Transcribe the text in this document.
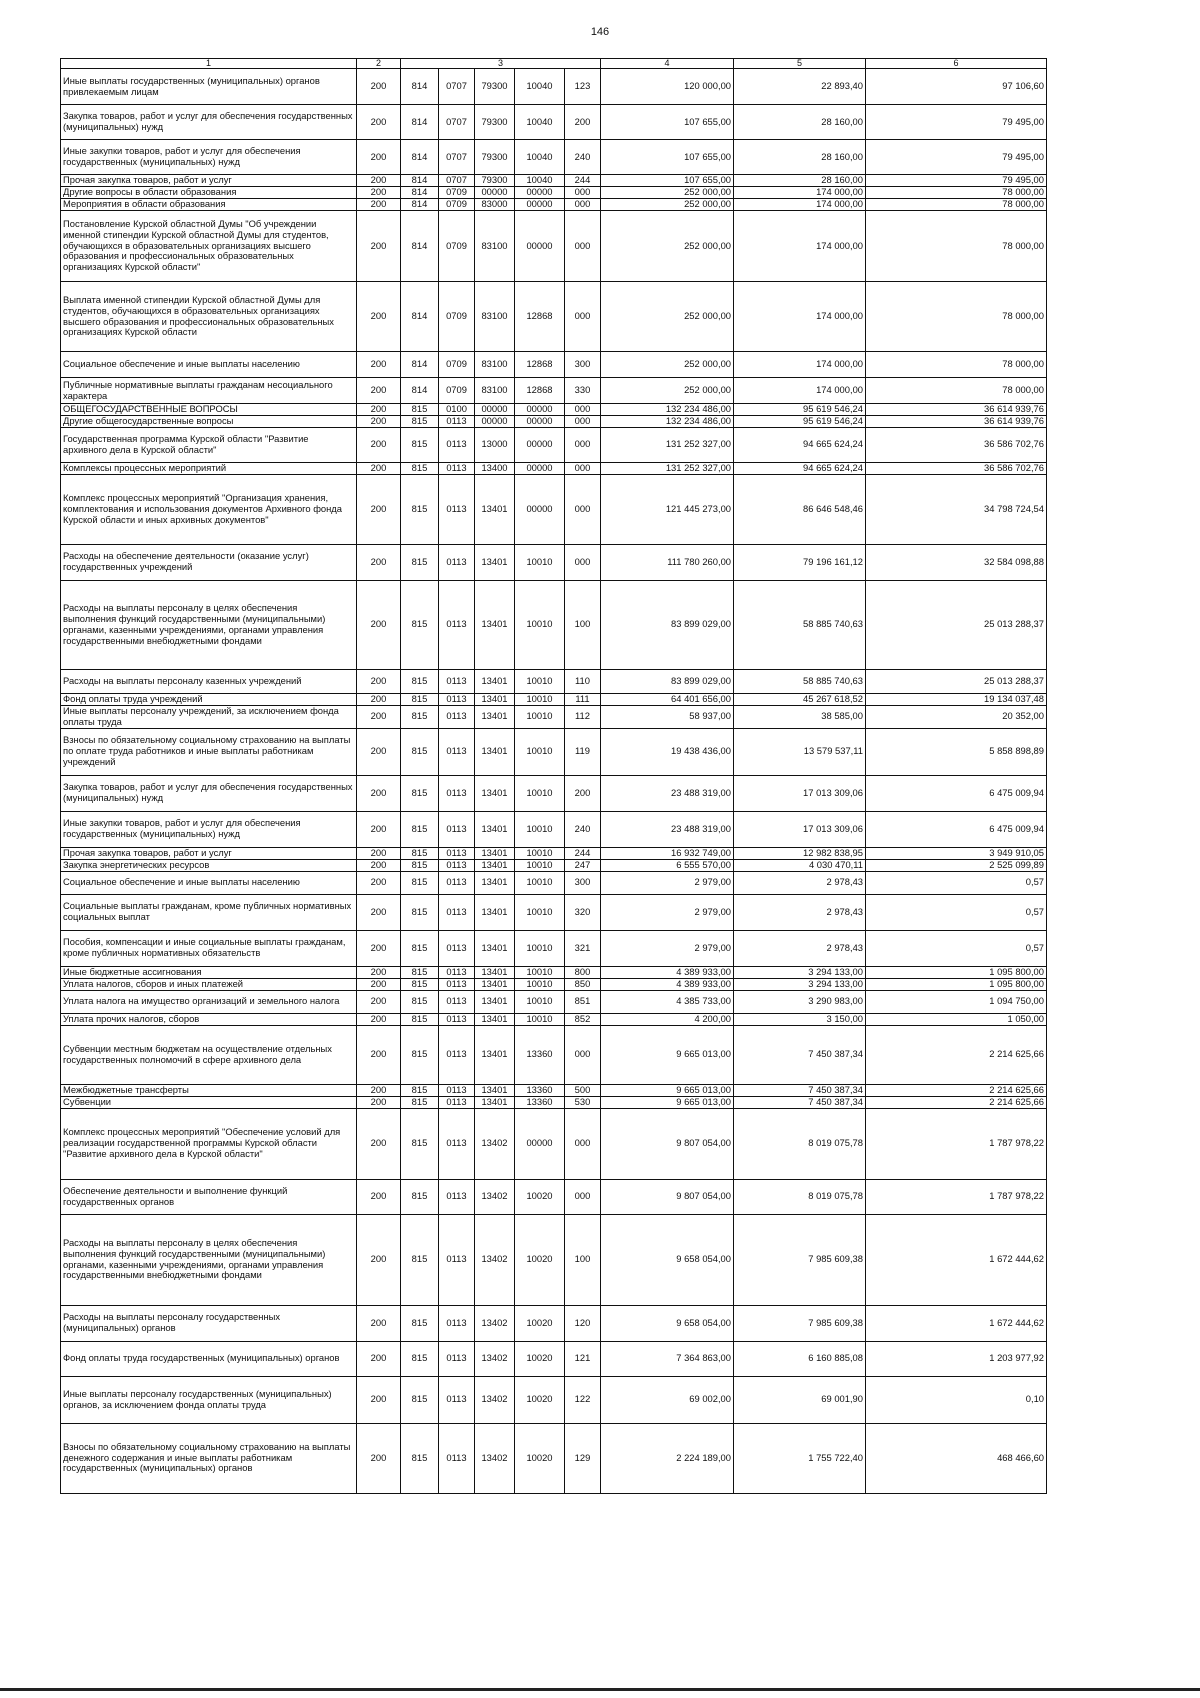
146
1	2	3					4	5	6
Иные выплаты государственных (муниципальных) органов привлекаемым лицам	200	814	0707	79300	10040	123	120 000,00	22 893,40	97 106,60
Закупка товаров, работ и услуг для обеспечения государственных (муниципальных) нужд	200	814	0707	79300	10040	200	107 655,00	28 160,00	79 495,00
Иные закупки товаров, работ и услуг для обеспечения государственных (муниципальных) нужд	200	814	0707	79300	10040	240	107 655,00	28 160,00	79 495,00
Прочая закупка товаров, работ и услуг	200	814	0707	79300	10040	244	107 655,00	28 160,00	79 495,00
Другие вопросы в области образования	200	814	0709	00000	00000	000	252 000,00	174 000,00	78 000,00
Мероприятия в области образования	200	814	0709	83000	00000	000	252 000,00	174 000,00	78 000,00
Постановление Курской областной Думы "Об учреждении именной стипендии Курской областной Думы для студентов, обучающихся в образовательных организациях высшего образования и профессиональных образовательных организациях Курской области"	200	814	0709	83100	00000	000	252 000,00	174 000,00	78 000,00
Выплата именной стипендии Курской областной Думы для студентов, обучающихся в образовательных организациях высшего образования и профессиональных образовательных организациях Курской области	200	814	0709	83100	12868	000	252 000,00	174 000,00	78 000,00
Социальное обеспечение и иные выплаты населению	200	814	0709	83100	12868	300	252 000,00	174 000,00	78 000,00
Публичные нормативные выплаты гражданам несоциального характера	200	814	0709	83100	12868	330	252 000,00	174 000,00	78 000,00
ОБЩЕГОСУДАРСТВЕННЫЕ ВОПРОСЫ	200	815	0100	00000	00000	000	132 234 486,00	95 619 546,24	36 614 939,76
Другие общегосударственные вопросы	200	815	0113	00000	00000	000	132 234 486,00	95 619 546,24	36 614 939,76
Государственная программа Курской области "Развитие архивного дела в Курской области"	200	815	0113	13000	00000	000	131 252 327,00	94 665 624,24	36 586 702,76
Комплексы процессных мероприятий	200	815	0113	13400	00000	000	131 252 327,00	94 665 624,24	36 586 702,76
Комплекс процессных мероприятий "Организация хранения, комплектования и использования документов Архивного фонда Курской области и иных архивных документов"	200	815	0113	13401	00000	000	121 445 273,00	86 646 548,46	34 798 724,54
Расходы на обеспечение деятельности (оказание услуг) государственных учреждений	200	815	0113	13401	10010	000	111 780 260,00	79 196 161,12	32 584 098,88
Расходы на выплаты персоналу в целях обеспечения выполнения функций государственными (муниципальными) органами, казенными учреждениями, органами управления государственными внебюджетными фондами	200	815	0113	13401	10010	100	83 899 029,00	58 885 740,63	25 013 288,37
Расходы на выплаты персоналу казенных учреждений	200	815	0113	13401	10010	110	83 899 029,00	58 885 740,63	25 013 288,37
Фонд оплаты труда учреждений	200	815	0113	13401	10010	111	64 401 656,00	45 267 618,52	19 134 037,48
Иные выплаты персоналу учреждений, за исключением фонда оплаты труда	200	815	0113	13401	10010	112	58 937,00	38 585,00	20 352,00
Взносы по обязательному социальному страхованию на выплаты по оплате труда работников и иные выплаты работникам учреждений	200	815	0113	13401	10010	119	19 438 436,00	13 579 537,11	5 858 898,89
Закупка товаров, работ и услуг для обеспечения государственных (муниципальных) нужд	200	815	0113	13401	10010	200	23 488 319,00	17 013 309,06	6 475 009,94
Иные закупки товаров, работ и услуг для обеспечения государственных (муниципальных) нужд	200	815	0113	13401	10010	240	23 488 319,00	17 013 309,06	6 475 009,94
Прочая закупка товаров, работ и услуг	200	815	0113	13401	10010	244	16 932 749,00	12 982 838,95	3 949 910,05
Закупка энергетических ресурсов	200	815	0113	13401	10010	247	6 555 570,00	4 030 470,11	2 525 099,89
Социальное обеспечение и иные выплаты населению	200	815	0113	13401	10010	300	2 979,00	2 978,43	0,57
Социальные выплаты гражданам, кроме публичных нормативных социальных выплат	200	815	0113	13401	10010	320	2 979,00	2 978,43	0,57
Пособия, компенсации и иные социальные выплаты гражданам, кроме публичных нормативных обязательств	200	815	0113	13401	10010	321	2 979,00	2 978,43	0,57
Иные бюджетные ассигнования	200	815	0113	13401	10010	800	4 389 933,00	3 294 133,00	1 095 800,00
Уплата налогов, сборов и иных платежей	200	815	0113	13401	10010	850	4 389 933,00	3 294 133,00	1 095 800,00
Уплата налога на имущество организаций и земельного налога	200	815	0113	13401	10010	851	4 385 733,00	3 290 983,00	1 094 750,00
Уплата прочих налогов, сборов	200	815	0113	13401	10010	852	4 200,00	3 150,00	1 050,00
Субвенции местным бюджетам на осуществление отдельных государственных полномочий в сфере архивного дела	200	815	0113	13401	13360	000	9 665 013,00	7 450 387,34	2 214 625,66
Межбюджетные трансферты	200	815	0113	13401	13360	500	9 665 013,00	7 450 387,34	2 214 625,66
Субвенции	200	815	0113	13401	13360	530	9 665 013,00	7 450 387,34	2 214 625,66
Комплекс процессных мероприятий "Обеспечение условий для реализации государственной программы Курской области "Развитие архивного дела в Курской области"	200	815	0113	13402	00000	000	9 807 054,00	8 019 075,78	1 787 978,22
Обеспечение деятельности и выполнение функций государственных органов	200	815	0113	13402	10020	000	9 807 054,00	8 019 075,78	1 787 978,22
Расходы на выплаты персоналу в целях обеспечения выполнения функций государственными (муниципальными) органами, казенными учреждениями, органами управления государственными внебюджетными фондами	200	815	0113	13402	10020	100	9 658 054,00	7 985 609,38	1 672 444,62
Расходы на выплаты персоналу государственных (муниципальных) органов	200	815	0113	13402	10020	120	9 658 054,00	7 985 609,38	1 672 444,62
Фонд оплаты труда государственных (муниципальных) органов	200	815	0113	13402	10020	121	7 364 863,00	6 160 885,08	1 203 977,92
Иные выплаты персоналу государственных (муниципальных) органов, за исключением фонда оплаты труда	200	815	0113	13402	10020	122	69 002,00	69 001,90	0,10
Взносы по обязательному социальному страхованию на выплаты денежного содержания и иные выплаты работникам государственных (муниципальных) органов	200	815	0113	13402	10020	129	2 224 189,00	1 755 722,40	468 466,60
